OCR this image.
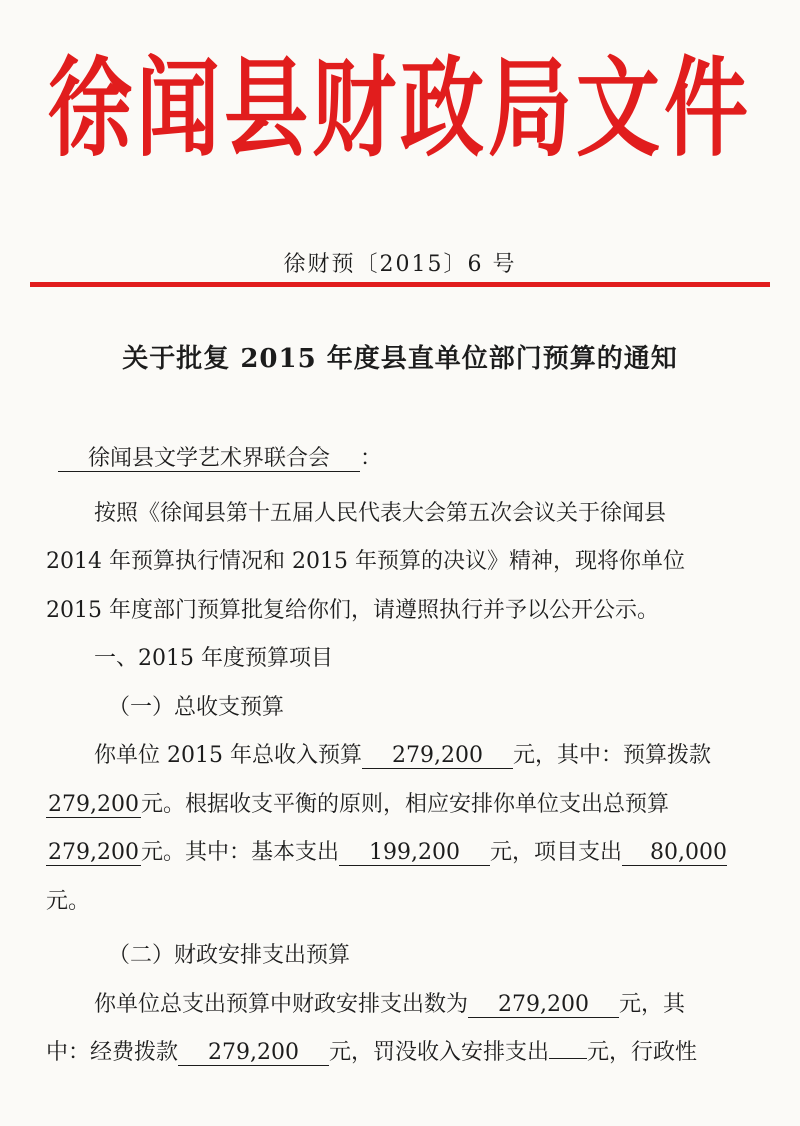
徐闻县财政局文件
徐财预〔2015〕6 号
关于批复 2015 年度县直单位部门预算的通知

徐闻县文学艺术界联合会 ：

按照《徐闻县第十五届人民代表大会第五次会议关于徐闻县

2014 年预算执行情况和 2015 年预算的决议》精神，现将你单位

2015 年度部门预算批复给你们，请遵照执行并予以公开公示。

一、2015 年度预算项目

（一）总收支预算

你单位 2015 年总收入预算 279,200 元，其中：预算拨款

279,200元。根据收支平衡的原则，相应安排你单位支出总预算

279,200元。其中：基本支出 199,200 元，项目支出 80,000

元。

（二）财政安排支出预算

你单位总支出预算中财政安排支出数为 279,200 元，其

中：经费拨款 279,200 元，罚没收入安排支出 元，行政性
